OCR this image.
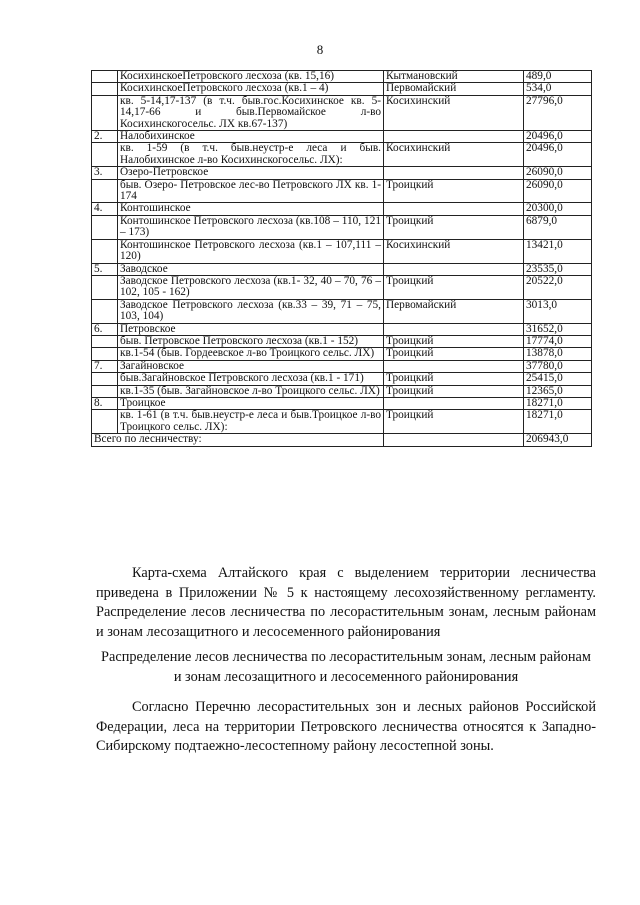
8
	КосихинскоеПетровского лесхоза (кв. 15,16)	Кытмановский	489,0
	КосихинскоеПетровского лесхоза (кв.1 – 4)	Первомайский	534,0
	кв. 5-14,17-137 (в т.ч. быв.гос.Косихинское кв. 5-14,17-66 и быв.Первомайское л-во Косихинскогосельс. ЛХ кв.67-137)	Косихинский	27796,0
2.	Налобихинское		20496,0
	кв. 1-59 (в т.ч. быв.неустр-е леса и быв. Налобихинское л-во Косихинскогосельс. ЛХ):	Косихинский	20496,0
3.	Озеро-Петровское		26090,0
	быв. Озеро- Петровское лес-во Петровского ЛХ кв. 1-174	Троицкий	26090,0
4.	Контошинское		20300,0
	Контошинское Петровского лесхоза (кв.108 – 110, 121 – 173)	Троицкий	6879,0
	Контошинское Петровского лесхоза (кв.1 – 107,111 – 120)	Косихинский	13421,0
5.	Заводское		23535,0
	Заводское Петровского лесхоза (кв.1- 32, 40 – 70, 76 – 102, 105 - 162)	Троицкий	20522,0
	Заводское Петровского лесхоза (кв.33 – 39, 71 – 75, 103, 104)	Первомайский	3013,0
6.	Петровское		31652,0
	быв. Петровское Петровского лесхоза (кв.1 - 152)	Троицкий	17774,0
	кв.1-54 (быв. Гордеевское л-во Троицкого сельс. ЛХ)	Троицкий	13878,0
7.	Загайновское		37780,0
	быв.Загайновское Петровского лесхоза (кв.1 - 171)	Троицкий	25415,0
	кв.1-35 (быв. Загайновское л-во Троицкого сельс. ЛХ)	Троицкий	12365,0
8.	Троицкое		18271,0
	кв. 1-61 (в т.ч. быв.неустр-е леса и быв.Троицкое л-во Троицкого сельс. ЛХ):	Троицкий	18271,0
Всего по лесничеству:			206943,0

Карта-схема Алтайского края с выделением территории лесничества приведена в Приложении № 5 к настоящему лесохозяйственному регламенту. Распределение лесов лесничества по лесорастительным зонам, лесным районам и зонам лесозащитного и лесосеменного районирования

Распределение лесов лесничества по лесорастительным зонам, лесным районам и зонам лесозащитного и лесосеменного районирования

Согласно Перечню лесорастительных зон и лесных районов Российской Федерации, леса на территории Петровского лесничества относятся к Западно-Сибирскому подтаежно-лесостепному району лесостепной зоны.
